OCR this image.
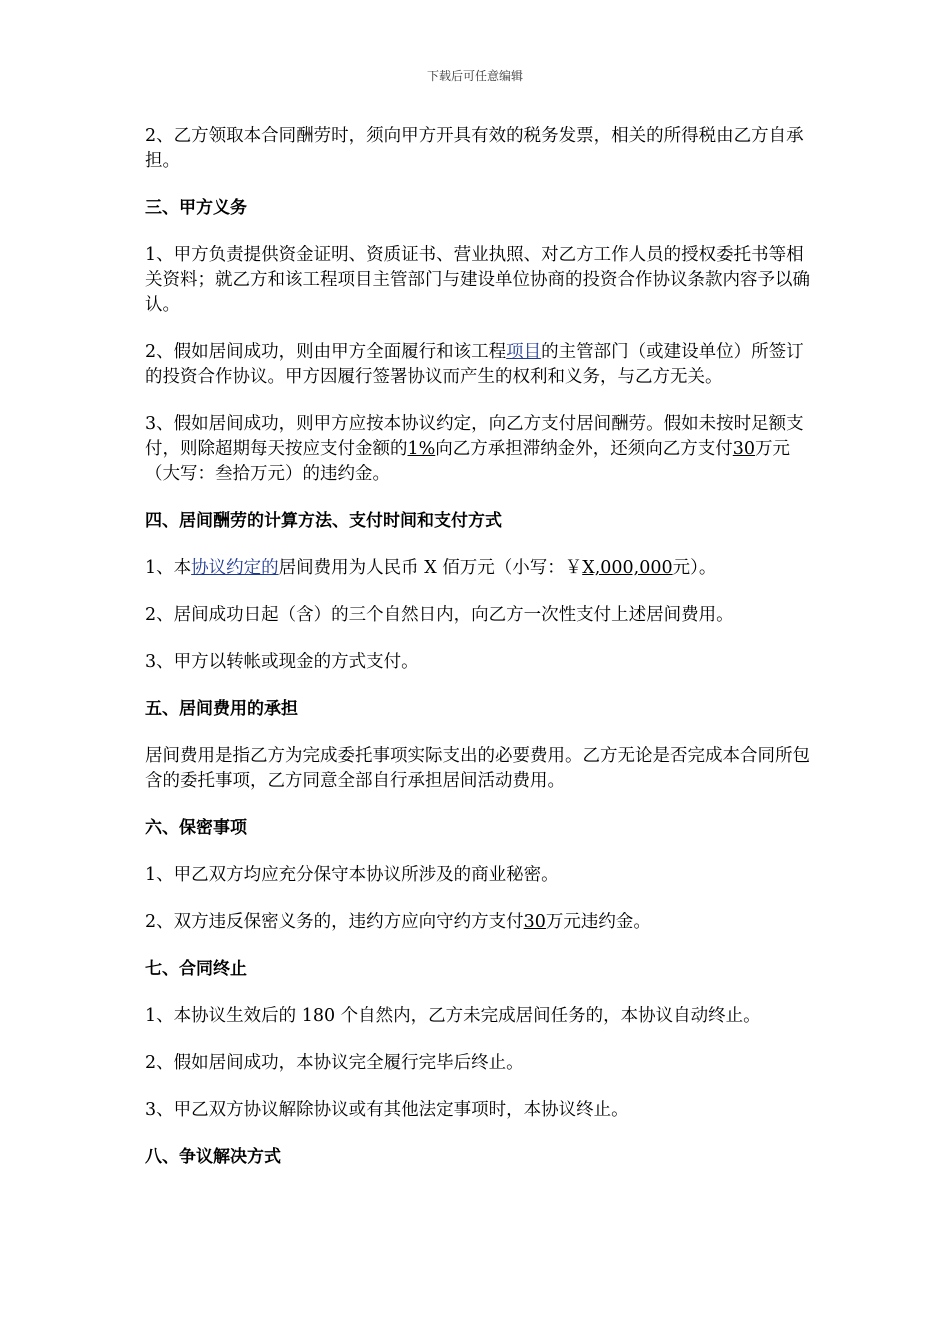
下载后可任意编辑

2、乙方领取本合同酬劳时，须向甲方开具有效的税务发票，相关的所得税由乙方自承担。

三、甲方义务

1、甲方负责提供资金证明、资质证书、营业执照、对乙方工作人员的授权委托书等相关资料；就乙方和该工程项目主管部门与建设单位协商的投资合作协议条款内容予以确认。

2、假如居间成功，则由甲方全面履行和该工程项目的主管部门（或建设单位）所签订的投资合作协议。甲方因履行签署协议而产生的权利和义务，与乙方无关。

3、假如居间成功，则甲方应按本协议约定，向乙方支付居间酬劳。假如未按时足额支付，则除超期每天按应支付金额的1%向乙方承担滞纳金外，还须向乙方支付30万元（大写：叁拾万元）的违约金。

四、居间酬劳的计算方法、支付时间和支付方式

1、本协议约定的居间费用为人民币 X 佰万元（小写：￥X,000,000元）。

2、居间成功日起（含）的三个自然日内，向乙方一次性支付上述居间费用。

3、甲方以转帐或现金的方式支付。

五、居间费用的承担

居间费用是指乙方为完成委托事项实际支出的必要费用。乙方无论是否完成本合同所包含的委托事项，乙方同意全部自行承担居间活动费用。

六、保密事项

1、甲乙双方均应充分保守本协议所涉及的商业秘密。

2、双方违反保密义务的，违约方应向守约方支付30万元违约金。

七、合同终止

1、本协议生效后的 180 个自然内，乙方未完成居间任务的，本协议自动终止。

2、假如居间成功，本协议完全履行完毕后终止。

3、甲乙双方协议解除协议或有其他法定事项时，本协议终止。

八、争议解决方式
